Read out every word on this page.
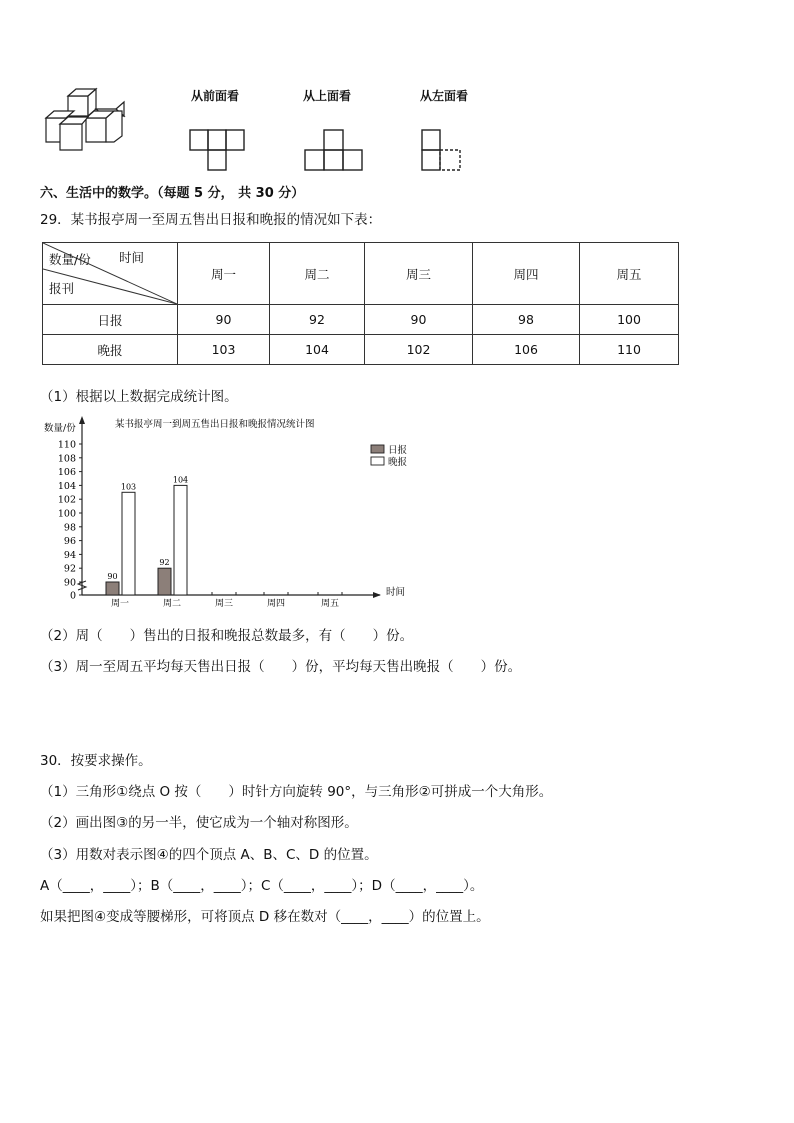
从前面看	从上面看	从左面看
六、生活中的数学。（每题 5 分， 共 30 分）
29．某书报亭周一至周五售出日报和晚报的情况如下表：
数量/份 时间
报刊	周一	周二	周三	周四	周五
日报	90	92	90	98	100
晚报	103	104	102	106	110
（1）根据以上数据完成统计图。
某书报亭周一到周五售出日报和晚报情况统计图
数量/份
时间
0
90
92
94
96
98
100
102
104
106
108
110
周一	周二	周三	周四	周五
90
92
103
104
日报
晚报
（2）周（　　）售出的日报和晚报总数最多，有（　　）份。
（3）周一至周五平均每天售出日报（　　）份，平均每天售出晚报（　　）份。
30．按要求操作。
（1）三角形①绕点 O 按（　　）时针方向旋转 90°，与三角形②可拼成一个大角形。
（2）画出图③的另一半，使它成为一个轴对称图形。
（3）用数对表示图④的四个顶点 A、B、C、D 的位置。
A（____，____）；B（____，____）；C（____，____）；D（____，____）。
如果把图④变成等腰梯形，可将顶点 D 移在数对（____，____）的位置上。
